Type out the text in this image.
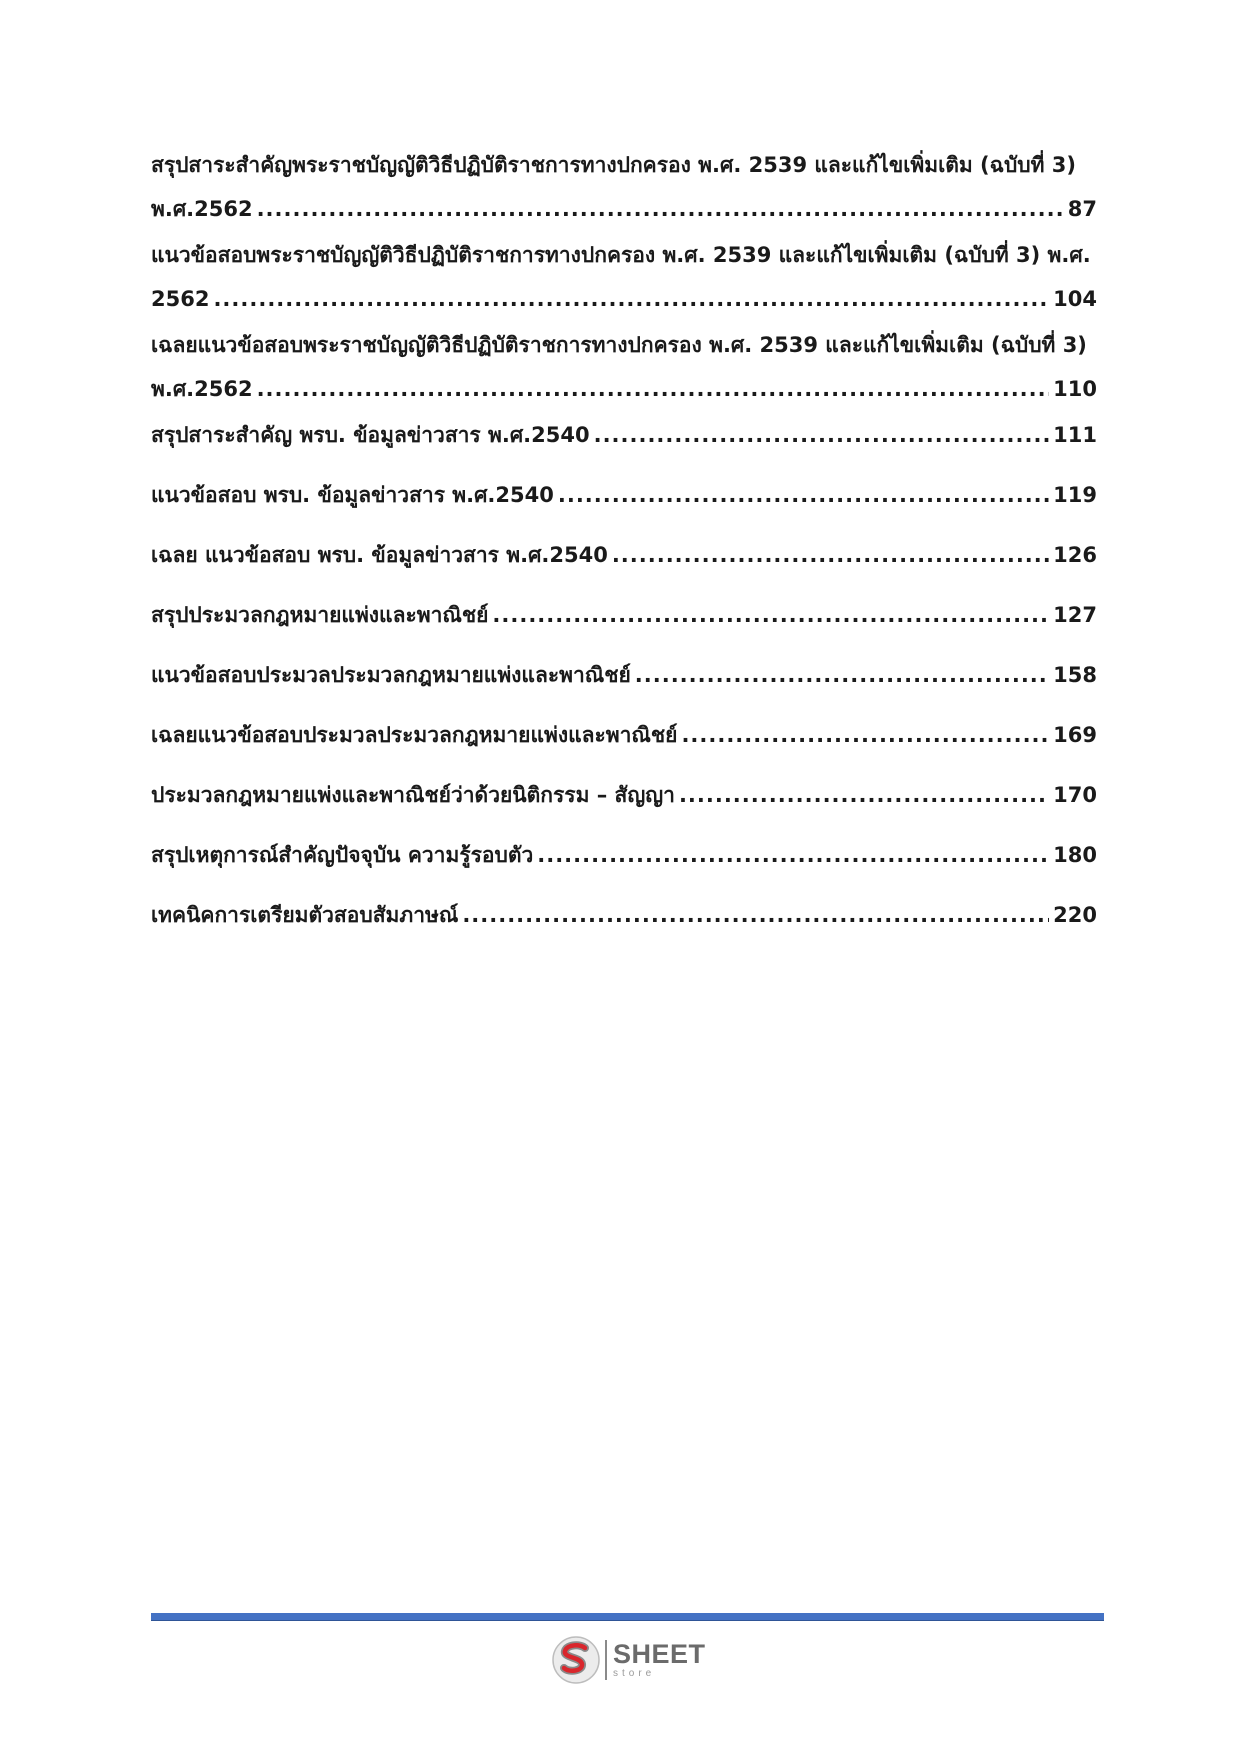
สรุปสาระสำคัญพระราชบัญญัติวิธีปฏิบัติราชการทางปกครอง พ.ศ. 2539 และแก้ไขเพิ่มเติม (ฉบับที่ 3)
พ.ศ.2562 .....	87
แนวข้อสอบพระราชบัญญัติวิธีปฏิบัติราชการทางปกครอง พ.ศ. 2539 และแก้ไขเพิ่มเติม (ฉบับที่ 3) พ.ศ.
2562 .....	104
เฉลยแนวข้อสอบพระราชบัญญัติวิธีปฏิบัติราชการทางปกครอง พ.ศ. 2539 และแก้ไขเพิ่มเติม (ฉบับที่ 3)
พ.ศ.2562 .....	110
สรุปสาระสำคัญ พรบ. ข้อมูลข่าวสาร พ.ศ.2540 .....	111
แนวข้อสอบ พรบ. ข้อมูลข่าวสาร พ.ศ.2540 .....	119
เฉลย แนวข้อสอบ พรบ. ข้อมูลข่าวสาร พ.ศ.2540 .....	126
สรุปประมวลกฎหมายแพ่งและพาณิชย์ .....	127
แนวข้อสอบประมวลประมวลกฎหมายแพ่งและพาณิชย์ .....	158
เฉลยแนวข้อสอบประมวลประมวลกฎหมายแพ่งและพาณิชย์ .....	169
ประมวลกฎหมายแพ่งและพาณิชย์ว่าด้วยนิติกรรม – สัญญา .....	170
สรุปเหตุการณ์สำคัญปัจจุบัน ความรู้รอบตัว .....	180
เทคนิคการเตรียมตัวสอบสัมภาษณ์ .....	220
SHEET
store
